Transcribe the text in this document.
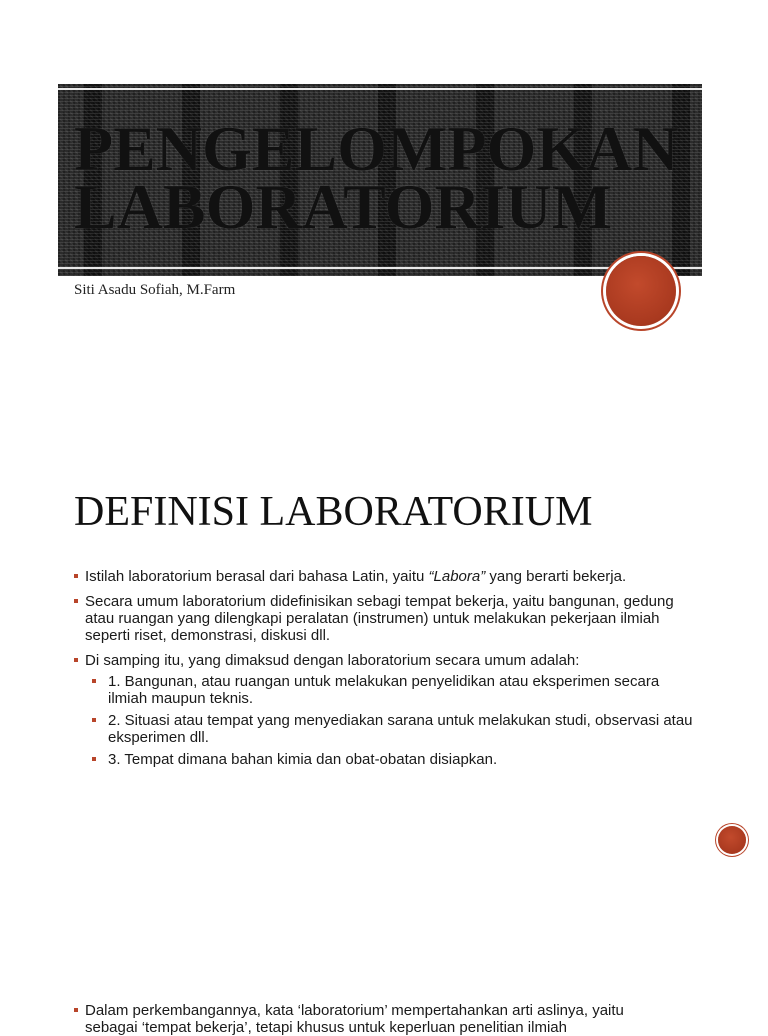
PENGELOMPOKAN
LABORATORIUM
Siti Asadu Sofiah, M.Farm
DEFINISI LABORATORIUM
Istilah laboratorium berasal dari bahasa Latin, yaitu “Labora” yang berarti bekerja.
Secara umum laboratorium didefinisikan sebagi tempat bekerja, yaitu bangunan, gedung atau ruangan yang dilengkapi peralatan (instrumen) untuk melakukan pekerjaan ilmiah seperti riset, demonstrasi, diskusi dll.
Di samping itu, yang dimaksud dengan laboratorium secara umum adalah:
1. Bangunan, atau ruangan untuk melakukan penyelidikan atau eksperimen secara ilmiah maupun teknis.
2. Situasi atau tempat yang menyediakan sarana untuk melakukan studi, observasi atau eksperimen dll.
3. Tempat dimana bahan kimia dan obat-obatan disiapkan.
Dalam perkembangannya, kata ‘laboratorium’ mempertahankan arti aslinya, yaitu
sebagai ‘tempat bekerja’, tetapi khusus untuk keperluan penelitian ilmiah
